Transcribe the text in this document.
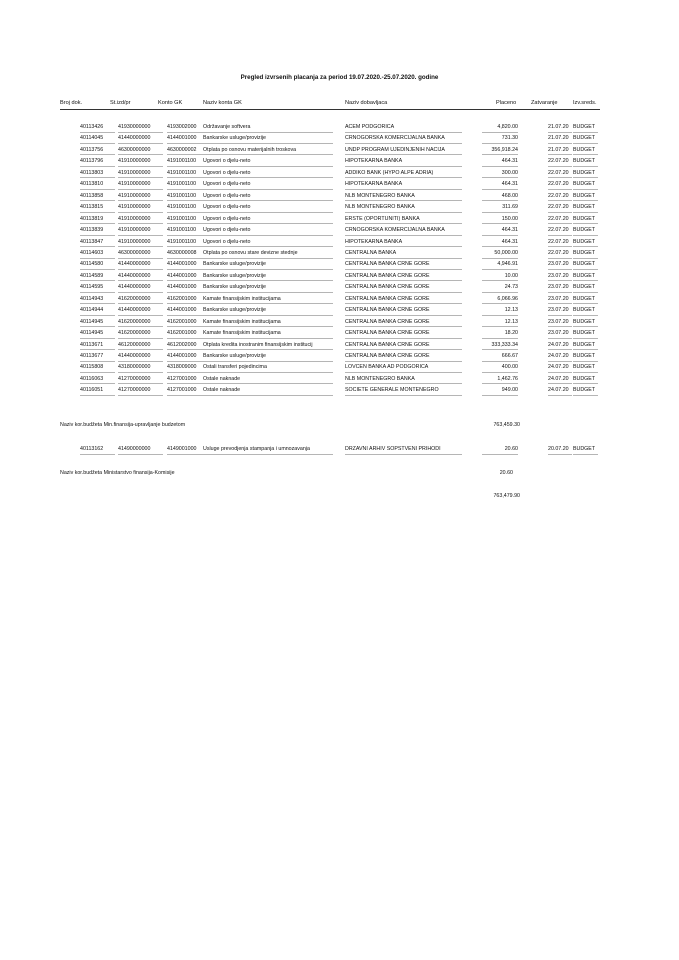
Pregled izvrsenih placanja za period 19.07.2020.-25.07.2020. godine
Broj dok.	St.izd/pr	Konto GK	Naziv konta GK	Naziv dobavljaca	Placeno	Zatvaranje	Izv.sreds.
40113426	41930000000	4193002000 Održavanje softvera	ACEM PODGORICA	4,820.00	21.07.20 BUDGET
40114045	41440000000	4144001000 Bankarske usluge/provizije	CRNOGORSKA KOMERCIJALNA BANKA	731.30	21.07.20 BUDGET
40113756	46300000000	4630000002 Otplata po osnovu materijalnih troskova	UNDP PROGRAM UJEDINJENIH NACIJA	356,918.24	21.07.20 BUDGET
40113796	41910000000	4191001100 Ugovori o djelu-neto	HIPOTEKARNA BANKA	464.31	22.07.20 BUDGET
40113803	41910000000	4191001100 Ugovori o djelu-neto	ADDIKO BANK (HYPO ALPE ADRIA)	300.00	22.07.20 BUDGET
40113810	41910000000	4191001100 Ugovori o djelu-neto	HIPOTEKARNA BANKA	464.31	22.07.20 BUDGET
40113858	41910000000	4191001100 Ugovori o djelu-neto	NLB MONTENEGRO BANKA	468.00	22.07.20 BUDGET
40113815	41910000000	4191001100 Ugovori o djelu-neto	NLB MONTENEGRO BANKA	311.69	22.07.20 BUDGET
40113819	41910000000	4191001100 Ugovori o djelu-neto	ERSTE (OPORTUNITI) BANKA	150.00	22.07.20 BUDGET
40113839	41910000000	4191001100 Ugovori o djelu-neto	CRNOGORSKA KOMERCIJALNA BANKA	464.31	22.07.20 BUDGET
40113847	41910000000	4191001100 Ugovori o djelu-neto	HIPOTEKARNA BANKA	464.31	22.07.20 BUDGET
40114603	46300000000	4630000008 Otplata po osnovu stare devizne stednje	CENTRALNA BANKA	50,000.00	22.07.20 BUDGET
40114580	41440000000	4144001000 Bankarske usluge/provizije	CENTRALNA BANKA CRNE GORE	4,946.91	23.07.20 BUDGET
40114589	41440000000	4144001000 Bankarske usluge/provizije	CENTRALNA BANKA CRNE GORE	10.00	23.07.20 BUDGET
40114595	41440000000	4144001000 Bankarske usluge/provizije	CENTRALNA BANKA CRNE GORE	24.73	23.07.20 BUDGET
40114943	41620000000	4162001000 Kamate finansijskim institucijama	CENTRALNA BANKA CRNE GORE	6,066.96	23.07.20 BUDGET
40114944	41440000000	4144001000 Bankarske usluge/provizije	CENTRALNA BANKA CRNE GORE	12.13	23.07.20 BUDGET
40114945	41620000000	4162001000 Kamate finansijskim institucijama	CENTRALNA BANKA CRNE GORE	12.13	23.07.20 BUDGET
40114945	41620000000	4162001000 Kamate finansijskim institucijama	CENTRALNA BANKA CRNE GORE	18.20	23.07.20 BUDGET
40113671	46120000000	4612002000 Otplata kredita inostranim finansijskim institucij	CENTRALNA BANKA CRNE GORE	333,333.34	24.07.20 BUDGET
40113677	41440000000	4144001000 Bankarske usluge/provizije	CENTRALNA BANKA CRNE GORE	666.67	24.07.20 BUDGET
40115808	43180000000	4318009000 Ostali transferi pojedincima	LOVCEN BANKA AD PODGORICA	400.00	24.07.20 BUDGET
40116063	41270000000	4127001000 Ostale naknade	NLB MONTENEGRO BANKA	1,462.76	24.07.20 BUDGET
40116051	41270000000	4127001000 Ostale naknade	SOCIETE GENERALE MONTENEGRO	949.00	24.07.20 BUDGET
Naziv kor.budžeta Min.finansija-upravljanje budzetom	763,459.30
40113162	41490000000	4149001000 Usluge prevodjenja stampanja i umnozavanja	DRZAVNI ARHIV SOPSTVENI PRIHODI	20.60	20.07.20 BUDGET
Naziv kor.budžeta Ministarstvo finansija-Komisije	20.60
763,479.90
